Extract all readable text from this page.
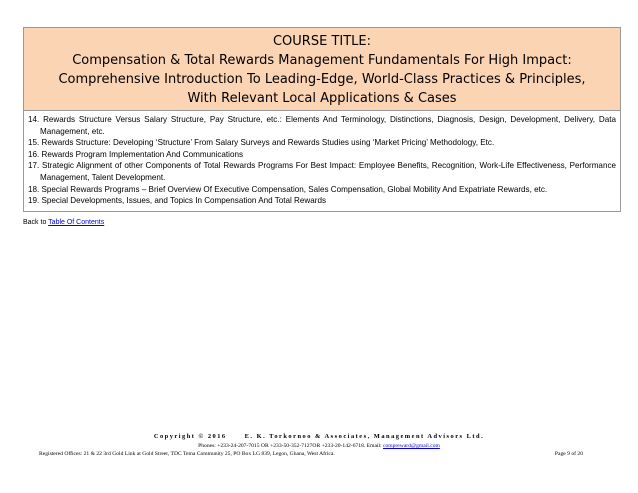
COURSE TITLE:
Compensation & Total Rewards Management Fundamentals For High Impact:
Comprehensive Introduction To Leading-Edge, World-Class Practices & Principles,
With Relevant Local Applications & Cases
14. Rewards Structure Versus Salary Structure, Pay Structure, etc.: Elements And Terminology, Distinctions, Diagnosis, Design, Development, Delivery, Data Management, etc.
15. Rewards Structure: Developing ‘Structure’ From Salary Surveys and Rewards Studies using ‘Market Pricing’ Methodology, Etc.
16. Rewards Program Implementation And Communications
17. Strategic Alignment of other Components of Total Rewards Programs For Best Impact: Employee Benefits, Recognition, Work-Life Effectiveness, Performance Management, Talent Development.
18. Special Rewards Programs – Brief Overview Of Executive Compensation, Sales Compensation, Global Mobility And Expatriate Rewards, etc.
19. Special Developments, Issues, and Topics In Compensation And Total Rewards
Back to Table Of Contents
Copyright © 2016	E. K. Torkornoo & Associates, Management Advisors Ltd.
Phones: +233-24-207-7015 OR +233-50-352-7127OR +233-20-142-6718. Email: compreward@gmail.com
Registered Offices: 21 & 22 3rd Gold Link at Gold Street, TDC Tema Community 25, PO Box LG 839, Legon, Ghana, West Africa.	Page 9 of 20
